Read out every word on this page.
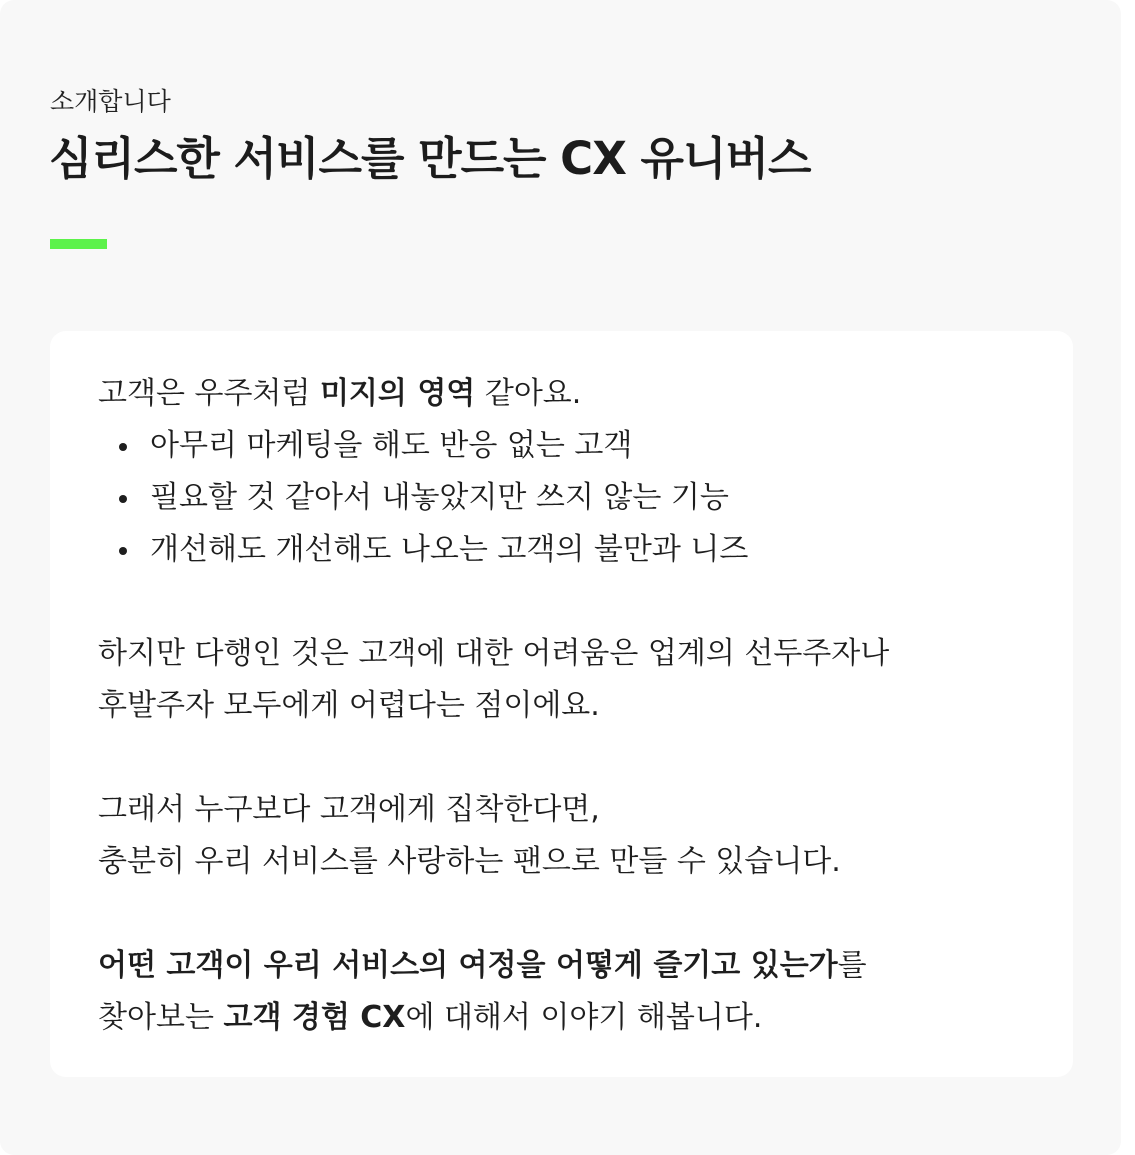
소개합니다
심리스한 서비스를 만드는 CX 유니버스

고객은 우주처럼 미지의 영역 같아요.

아무리 마케팅을 해도 반응 없는 고객
필요할 것 같아서 내놓았지만 쓰지 않는 기능
개선해도 개선해도 나오는 고객의 불만과 니즈

하지만 다행인 것은 고객에 대한 어려움은 업계의 선두주자나

후발주자 모두에게 어렵다는 점이에요.

그래서 누구보다 고객에게 집착한다면,

충분히 우리 서비스를 사랑하는 팬으로 만들 수 있습니다.

어떤 고객이 우리 서비스의 여정을 어떻게 즐기고 있는가를

찾아보는 고객 경험 CX에 대해서 이야기 해봅니다.
